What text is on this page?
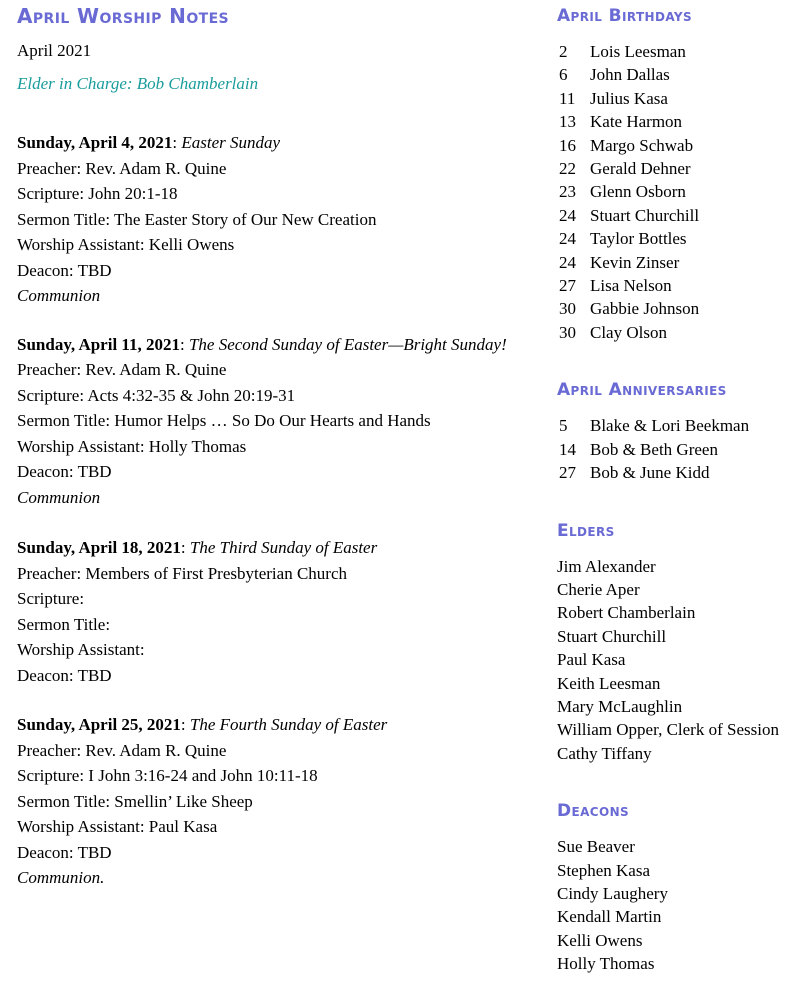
April Worship Notes
April 2021
Elder in Charge: Bob Chamberlain
Sunday, April 4, 2021: Easter Sunday
Preacher: Rev. Adam R. Quine
Scripture: John 20:1-18
Sermon Title: The Easter Story of Our New Creation
Worship Assistant: Kelli Owens
Deacon: TBD
Communion
Sunday, April 11, 2021: The Second Sunday of Easter—Bright Sunday!
Preacher: Rev. Adam R. Quine
Scripture: Acts 4:32-35 & John 20:19-31
Sermon Title: Humor Helps … So Do Our Hearts and Hands
Worship Assistant: Holly Thomas
Deacon: TBD
Communion
Sunday, April 18, 2021: The Third Sunday of Easter
Preacher: Members of First Presbyterian Church
Scripture:
Sermon Title:
Worship Assistant:
Deacon: TBD
Sunday, April 25, 2021: The Fourth Sunday of Easter
Preacher: Rev. Adam R. Quine
Scripture: I John 3:16-24 and John 10:11-18
Sermon Title: Smellin’ Like Sheep
Worship Assistant: Paul Kasa
Deacon: TBD
Communion.
April Birthdays
2 Lois Leesman
6 John Dallas
11 Julius Kasa
13 Kate Harmon
16 Margo Schwab
22 Gerald Dehner
23 Glenn Osborn
24 Stuart Churchill
24 Taylor Bottles
24 Kevin Zinser
27 Lisa Nelson
30 Gabbie Johnson
30 Clay Olson
April Anniversaries
5 Blake & Lori Beekman
14 Bob & Beth Green
27 Bob & June Kidd
Elders
Jim Alexander
Cherie Aper
Robert Chamberlain
Stuart Churchill
Paul Kasa
Keith Leesman
Mary McLaughlin
William Opper, Clerk of Session
Cathy Tiffany
Deacons
Sue Beaver
Stephen Kasa
Cindy Laughery
Kendall Martin
Kelli Owens
Holly Thomas
